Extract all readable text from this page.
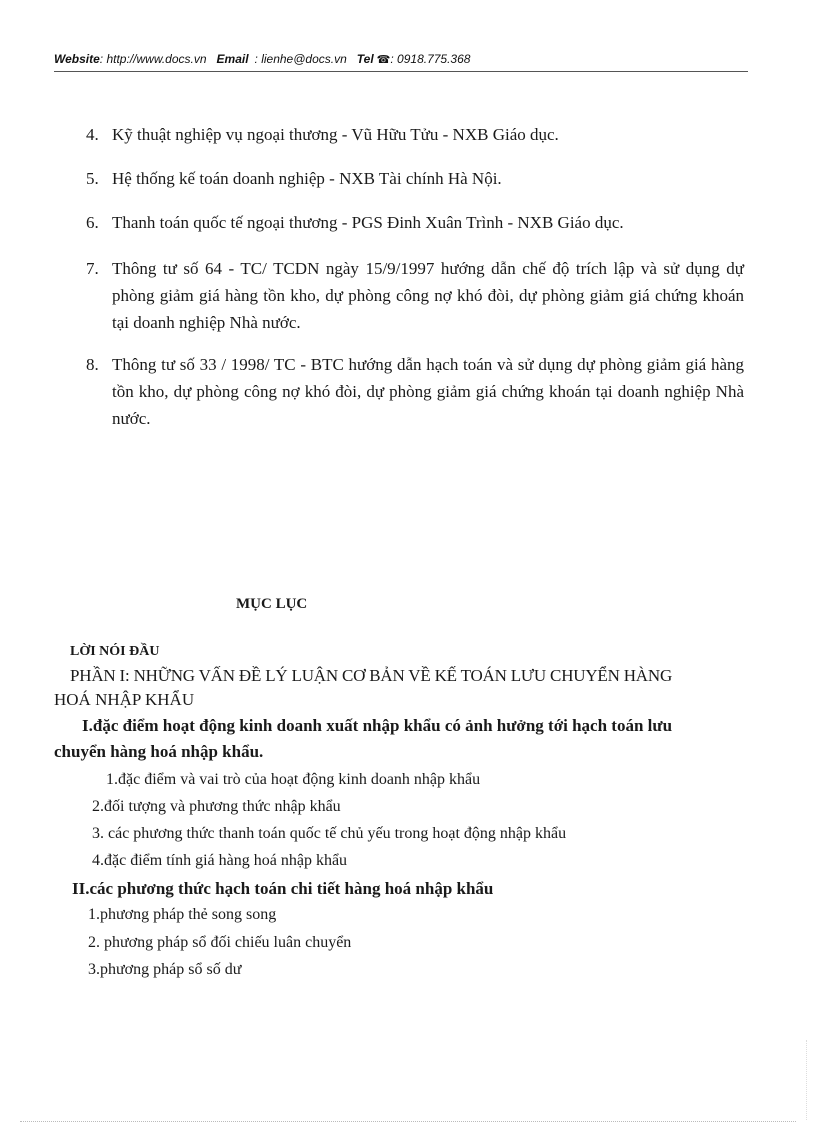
Website: http://www.docs.vn Email : lienhe@docs.vn Tel ☎: 0918.775.368
4. Kỹ thuật nghiệp vụ ngoại thương - Vũ Hữu Tửu - NXB Giáo dục.
5. Hệ thống kế toán doanh nghiệp - NXB Tài chính Hà Nội.
6. Thanh toán quốc tế ngoại thương - PGS Đinh Xuân Trình - NXB Giáo dục.
7. Thông tư số 64 - TC/ TCDN ngày 15/9/1997 hướng dẫn chế độ trích lập và sử dụng dự phòng giảm giá hàng tồn kho, dự phòng công nợ khó đòi, dự phòng giảm giá chứng khoán tại doanh nghiệp Nhà nước.
8. Thông tư số 33 / 1998/ TC - BTC hướng dẫn hạch toán và sử dụng dự phòng giảm giá hàng tồn kho, dự phòng công nợ khó đòi, dự phòng giảm giá chứng khoán tại doanh nghiệp Nhà nước.
MỤC LỤC
LỜI NÓI ĐẦU
PHẦN I: NHỮNG VẤN ĐỀ LÝ LUẬN CƠ BẢN VỀ KẾ TOÁN LƯU CHUYỂN HÀNG
HOÁ NHẬP KHẨU
I.đặc điểm hoạt động kinh doanh xuất nhập khẩu có ảnh hưởng tới hạch toán lưu
chuyển hàng hoá nhập khẩu.
1.đặc điểm và vai trò của hoạt động kinh doanh nhập khẩu
2.đối tượng và phương thức nhập khẩu
3. các phương thức thanh toán quốc tế chủ yếu trong hoạt động nhập khẩu
4.đặc điểm tính giá hàng hoá nhập khẩu
II.các phương thức hạch toán chi tiết hàng hoá nhập khẩu
1.phương pháp thẻ song song
2. phương pháp sổ đối chiếu luân chuyển
3.phương pháp sổ số dư
